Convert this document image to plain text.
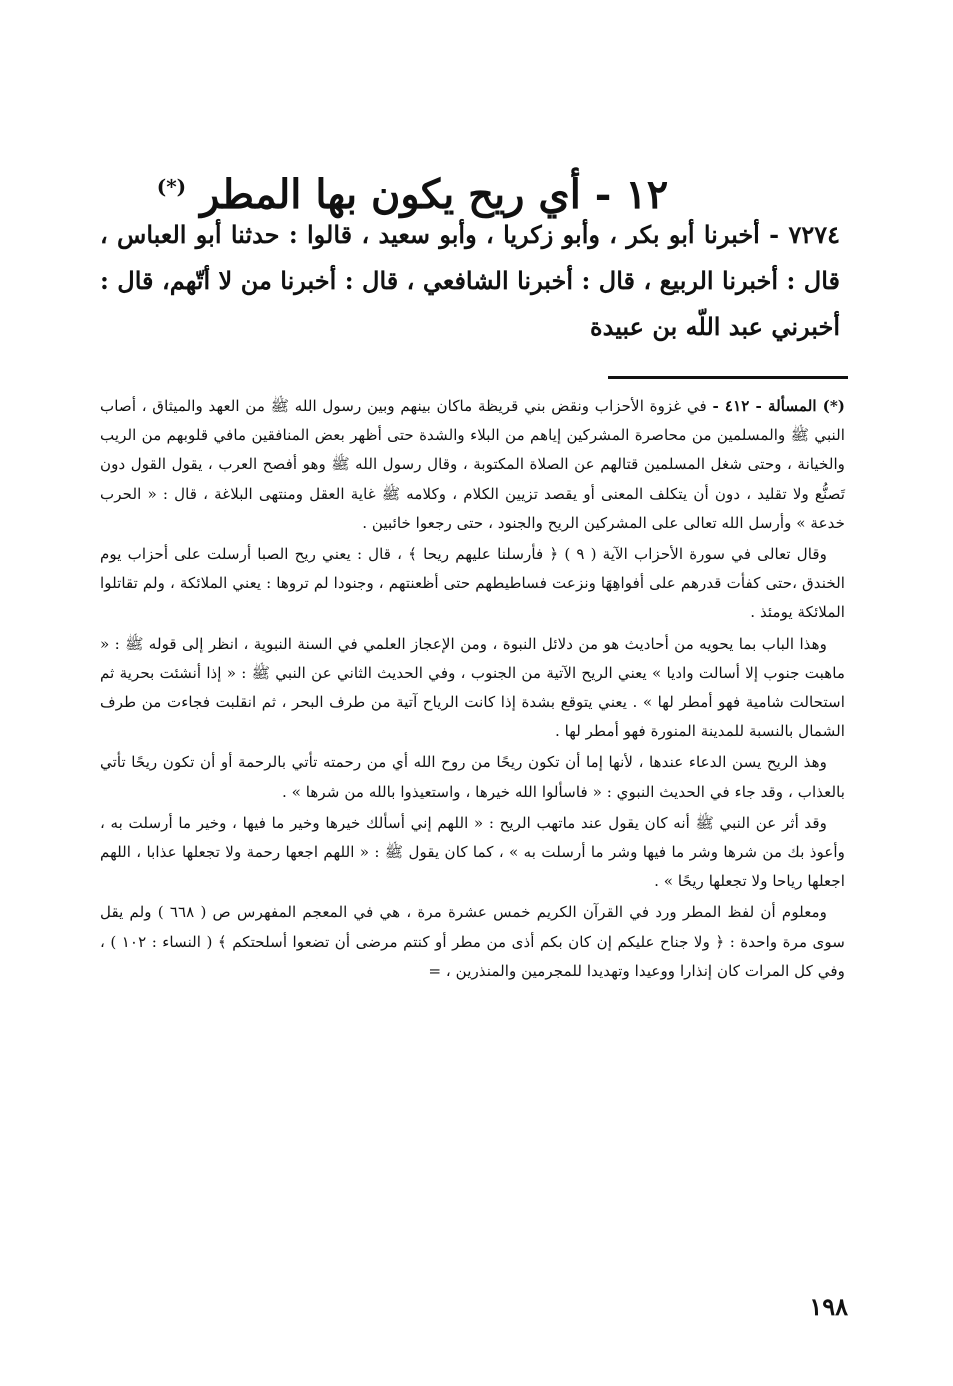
١٢ - أي ريح يكون بها المطر (*)

٧٢٧٤ - أخبرنا أبو بكر ، وأبو زكريا ، وأبو سعيد ، قالوا : حدثنا أبو العباس ، قال : أخبرنا الربيع ، قال : أخبرنا الشافعي ، قال : أخبرنا من لا أتّهم، قال : أخبرني عبد اللّه بن عبيدة

(*) المسألة - ٤١٢ - في غزوة الأحزاب ونقض بني قريظة ماكان بينهم وبين رسول الله ﷺ من العهد والميثاق ، أصاب النبي ﷺ والمسلمين من محاصرة المشركين إياهم من البلاء والشدة حتى أظهر بعض المنافقين مافي قلوبهم من الريب والخيانة ، وحتى شغل المسلمين قتالهم عن الصلاة المكتوبة ، وقال رسول الله ﷺ وهو أفصح العرب ، يقول القول دون تَصنُّع ولا تقليد ، دون أن يتكلف المعنى أو يقصد تزيين الكلام ، وكلامه ﷺ غاية العقل ومنتهى البلاغة ، قال : « الحرب خدعة » وأرسل الله تعالى على المشركين الريح والجنود ، حتى رجعوا خائبين .

وقال تعالى في سورة الأحزاب الآية ( ٩ ) ﴿ فأرسلنا عليهم ريحا ﴾ ، قال : يعني ريح الصبا أرسلت على أحزاب يوم الخندق ،حتى كفأت قدرهم على أفواهِهَا ونزعت فساطيطهم حتى أظعنتهم ، وجنودا لم تروها : يعني الملائكة ، ولم تقاتلوا الملائكة يومئذ .

وهذا الباب بما يحويه من أحاديث هو من دلائل النبوة ، ومن الإعجاز العلمي في السنة النبوية ، انظر إلى قوله ﷺ : « ماهبت جنوب إلا أسالت واديا » يعني الريح الآتية من الجنوب ، وفي الحديث الثاني عن النبي ﷺ : « إذا أنشئت بحرية ثم استحالت شامية فهو أمطر لها » . يعني يتوقع بشدة إذا كانت الرياح آتية من طرف البحر ، ثم انقلبت فجاءت من طرف الشمال بالنسبة للمدينة المنورة فهو أمطر لها .

وهذ الريح يسن الدعاء عندها ، لأنها إما أن تكون ريحًا من روح الله أي من رحمته تأتي بالرحمة أو أن تكون ريحًا تأتي بالعذاب ، وقد جاء في الحديث النبوي : « فاسألوا الله خيرها ، واستعيذوا بالله من شرها » .

وقد أثر عن النبي ﷺ أنه كان يقول عند ماتهب الريح : « اللهم إني أسألك خيرها وخير ما فيها ، وخير ما أرسلت به ، وأعوذ بك من شرها وشر ما فيها وشر ما أرسلت به » ، كما كان يقول ﷺ : « اللهم اجعها رحمة ولا تجعلها عذابا ، اللهم اجعلها رياحا ولا تجعلها ريحًا » .

ومعلوم أن لفظ المطر ورد في القرآن الكريم خمس عشرة مرة ، هي في المعجم المفهرس ص ( ٦٦٨ ) ولم يقل سوى مرة واحدة : ﴿ ولا جناح عليكم إن كان بكم أذى من مطر أو كنتم مرضى أن تضعوا أسلحتكم ﴾ ( النساء : ١٠٢ ) ، وفي كل المرات كان إنذارا ووعيدا وتهديدا للمجرمين والمنذرين ، =

١٩٨
